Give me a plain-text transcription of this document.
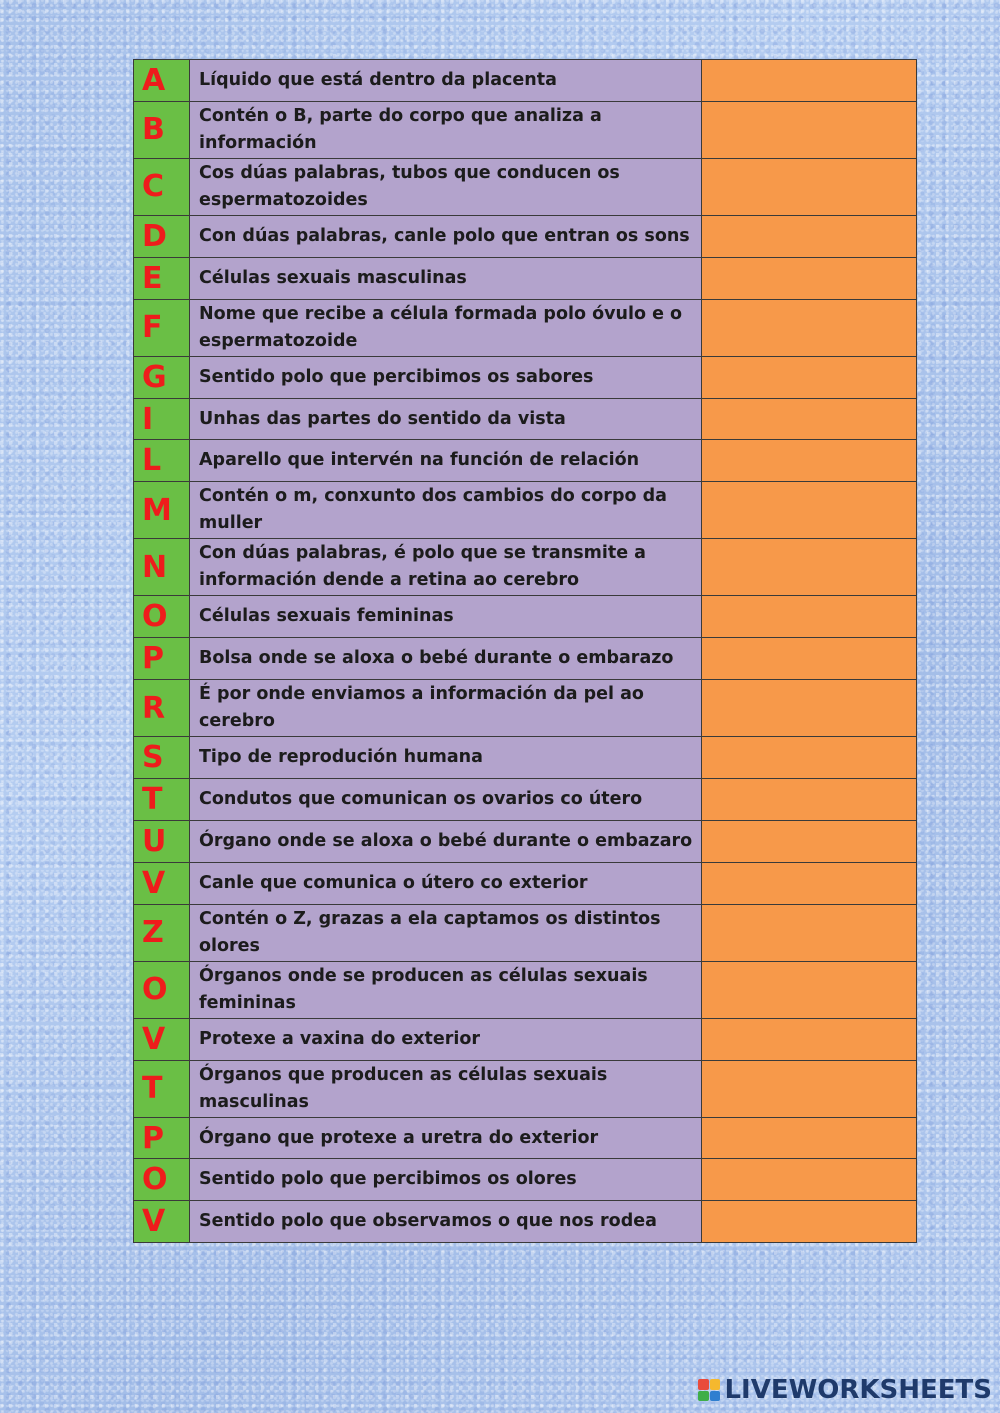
A	Líquido que está dentro da placenta	
B	Contén o B, parte do corpo que analiza a información	
C	Cos dúas palabras, tubos que conducen os espermatozoides	
D	Con dúas palabras, canle polo que entran os sons	
E	Células sexuais masculinas	
F	Nome que recibe a célula formada polo óvulo e o espermatozoide	
G	Sentido polo que percibimos os sabores	
I	Unhas das partes do sentido da vista	
L	Aparello que intervén na función de relación	
M	Contén o m, conxunto dos cambios do corpo da muller	
N	Con dúas palabras, é polo que se transmite a información dende a retina ao cerebro	
O	Células sexuais femininas	
P	Bolsa onde se aloxa o bebé durante o embarazo	
R	É por onde enviamos a información da pel ao cerebro	
S	Tipo de reprodución humana	
T	Condutos que comunican os ovarios co útero	
U	Órgano onde se aloxa o bebé durante o embazaro	
V	Canle que comunica o útero co exterior	
Z	Contén o Z, grazas a ela captamos os distintos olores	
O	Órganos onde se producen as células sexuais femininas	
V	Protexe a vaxina do exterior	
T	Órganos que producen as células sexuais masculinas	
P	Órgano que protexe a uretra do exterior	
O	Sentido polo que percibimos os olores	
V	Sentido polo que observamos o que nos rodea	
LIVEWORKSHEETS
